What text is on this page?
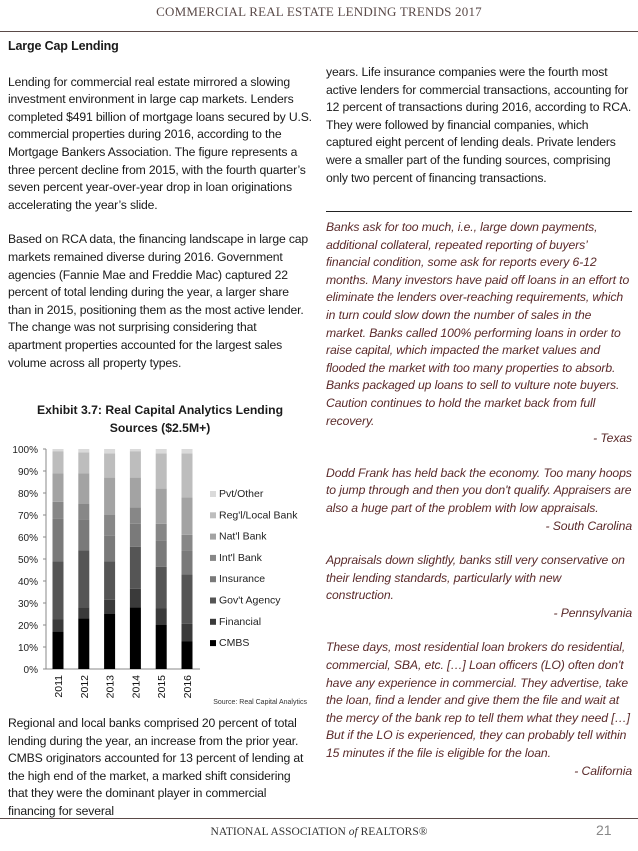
COMMERCIAL REAL ESTATE LENDING TRENDS 2017
Large Cap Lending

Lending for commercial real estate mirrored a slowing investment environment in large cap markets. Lenders completed $491 billion of mortgage loans secured by U.S. commercial properties during 2016, according to the Mortgage Bankers Association. The figure represents a three percent decline from 2015, with the fourth quarter’s seven percent year-over-year drop in loan originations accelerating the year’s slide.

Based on RCA data, the financing landscape in large cap markets remained diverse during 2016. Government agencies (Fannie Mae and Freddie Mac) captured 22 percent of total lending during the year, a larger share than in 2015, positioning them as the most active lender. The change was not surprising considering that apartment properties accounted for the largest sales volume across all property types.

Exhibit 3.7: Real Capital Analytics Lending
Sources ($2.5M+)
0%
10%
20%
30%
40%
50%
60%
70%
80%
90%
100%
2011 2012 2013 2014 2015 2016
Pvt/Other
Reg'l/Local Bank
Nat'l Bank
Int'l Bank
Insurance
Gov't Agency
Financial
CMBS
Source: Real Capital Analytics

Regional and local banks comprised 20 percent of total lending during the year, an increase from the prior year. CMBS originators accounted for 13 percent of lending at the high end of the market, a marked shift considering that they were the dominant player in commercial financing for several

years. Life insurance companies were the fourth most active lenders for commercial transactions, accounting for 12 percent of transactions during 2016, according to RCA. They were followed by financial companies, which captured eight percent of lending deals. Private lenders were a smaller part of the funding sources, comprising only two percent of financing transactions.

Banks ask for too much, i.e., large down payments, additional collateral, repeated reporting of buyers’ financial condition, some ask for reports every 6-12 months. Many investors have paid off loans in an effort to eliminate the lenders over-reaching requirements, which in turn could slow down the number of sales in the market. Banks called 100% performing loans in order to raise capital, which impacted the market values and flooded the market with too many properties to absorb. Banks packaged up loans to sell to vulture note buyers. Caution continues to hold the market back from full recovery.

- Texas

Dodd Frank has held back the economy. Too many hoops to jump through and then you don't qualify. Appraisers are also a huge part of the problem with low appraisals.

- South Carolina

Appraisals down slightly, banks still very conservative on their lending standards, particularly with new construction.

- Pennsylvania

These days, most residential loan brokers do residential, commercial, SBA, etc. […] Loan officers (LO) often don't have any experience in commercial. They advertise, take the loan, find a lender and give them the file and wait at the mercy of the bank rep to tell them what they need […] But if the LO is experienced, they can probably tell within 15 minutes if the file is eligible for the loan.

- California

NATIONAL ASSOCIATION of REALTORS®	21
